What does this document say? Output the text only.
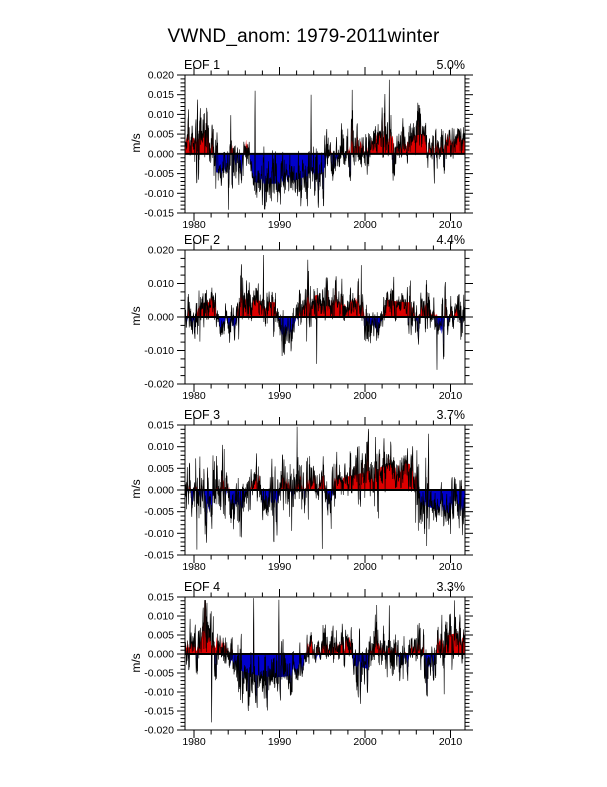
VWND_anom: 1979-2011winter
EOF 1	5.0%
m/s
EOF 2	4.4%
m/s
EOF 3	3.7%
m/s
EOF 4	3.3%
m/s
0.020
0.015
0.010
0.005
0.000
-0.005
-0.010
-0.015
1980	1990	2000	2010
0.020
0.010
0.000
-0.010
-0.020
1980	1990	2000	2010
0.015
0.010
0.005
0.000
-0.005
-0.010
-0.015
1980	1990	2000	2010
0.015
0.010
0.005
0.000
-0.005
-0.010
-0.015
-0.020
1980	1990	2000	2010
